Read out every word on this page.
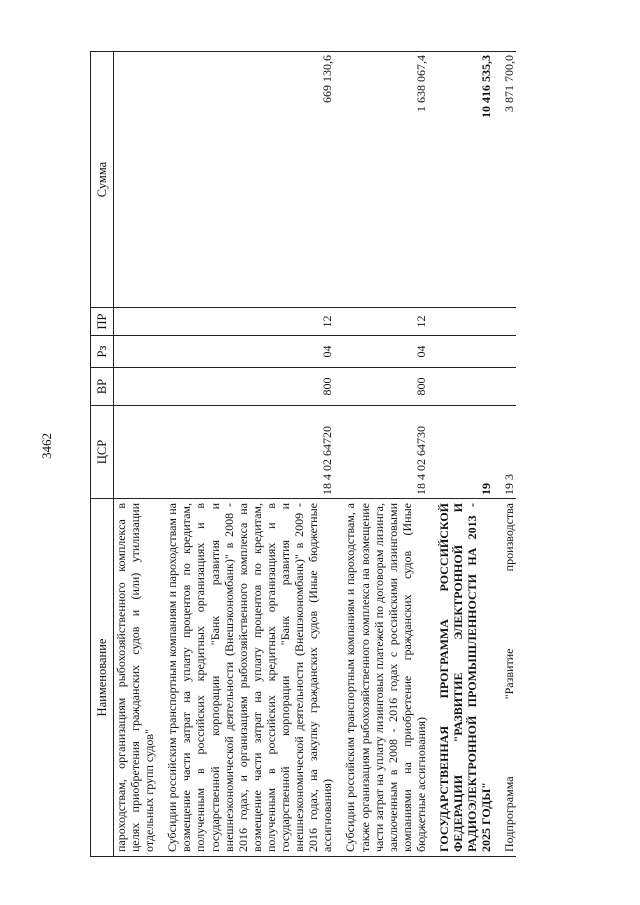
3462
Наименование	ЦСР	ВР	Рз	ПР	Сумма
пароходствам, организациям рыбохозяйственного комплекса в целях приобретения гражданских судов и (или) утилизации отдельных групп судов"					

Субсидии российским транспортным компаниям и пароходствам на возмещение части затрат на уплату процентов по кредитам, полученным в российских кредитных организациях и в государственной корпорации "Банк развития и внешнеэкономической деятельности (Внешэкономбанк)" в 2008 - 2016 годах, и организациям рыбохозяйственного комплекса на возмещение части затрат на уплату процентов по кредитам, полученным в российских кредитных организациях и в государственной корпорации "Банк развития и внешнеэкономической деятельности (Внешэкономбанк)" в 2009 - 2016 годах, на закупку гражданских судов (Иные бюджетные ассигнования)	18 4 02 64720	800	04	12	669 130,6

Субсидии российским транспортным компаниям и пароходствам, а также организациям рыбохозяйственного комплекса на возмещение части затрат на уплату лизинговых платежей по договорам лизинга, заключенным в 2008 - 2016 годах с российскими лизинговыми компаниями на приобретение гражданских судов (Иные бюджетные ассигнования)	18 4 02 64730	800	04	12	1 638 067,4

ГОСУДАРСТВЕННАЯ ПРОГРАММА РОССИЙСКОЙ ФЕДЕРАЦИИ "РАЗВИТИЕ ЭЛЕКТРОННОЙ И РАДИОЭЛЕКТРОННОЙ ПРОМЫШЛЕННОСТИ НА 2013 - 2025 ГОДЫ"	19				10 416 535,3

Подпрограмма "Развитие производства	19 3				3 871 700,0
